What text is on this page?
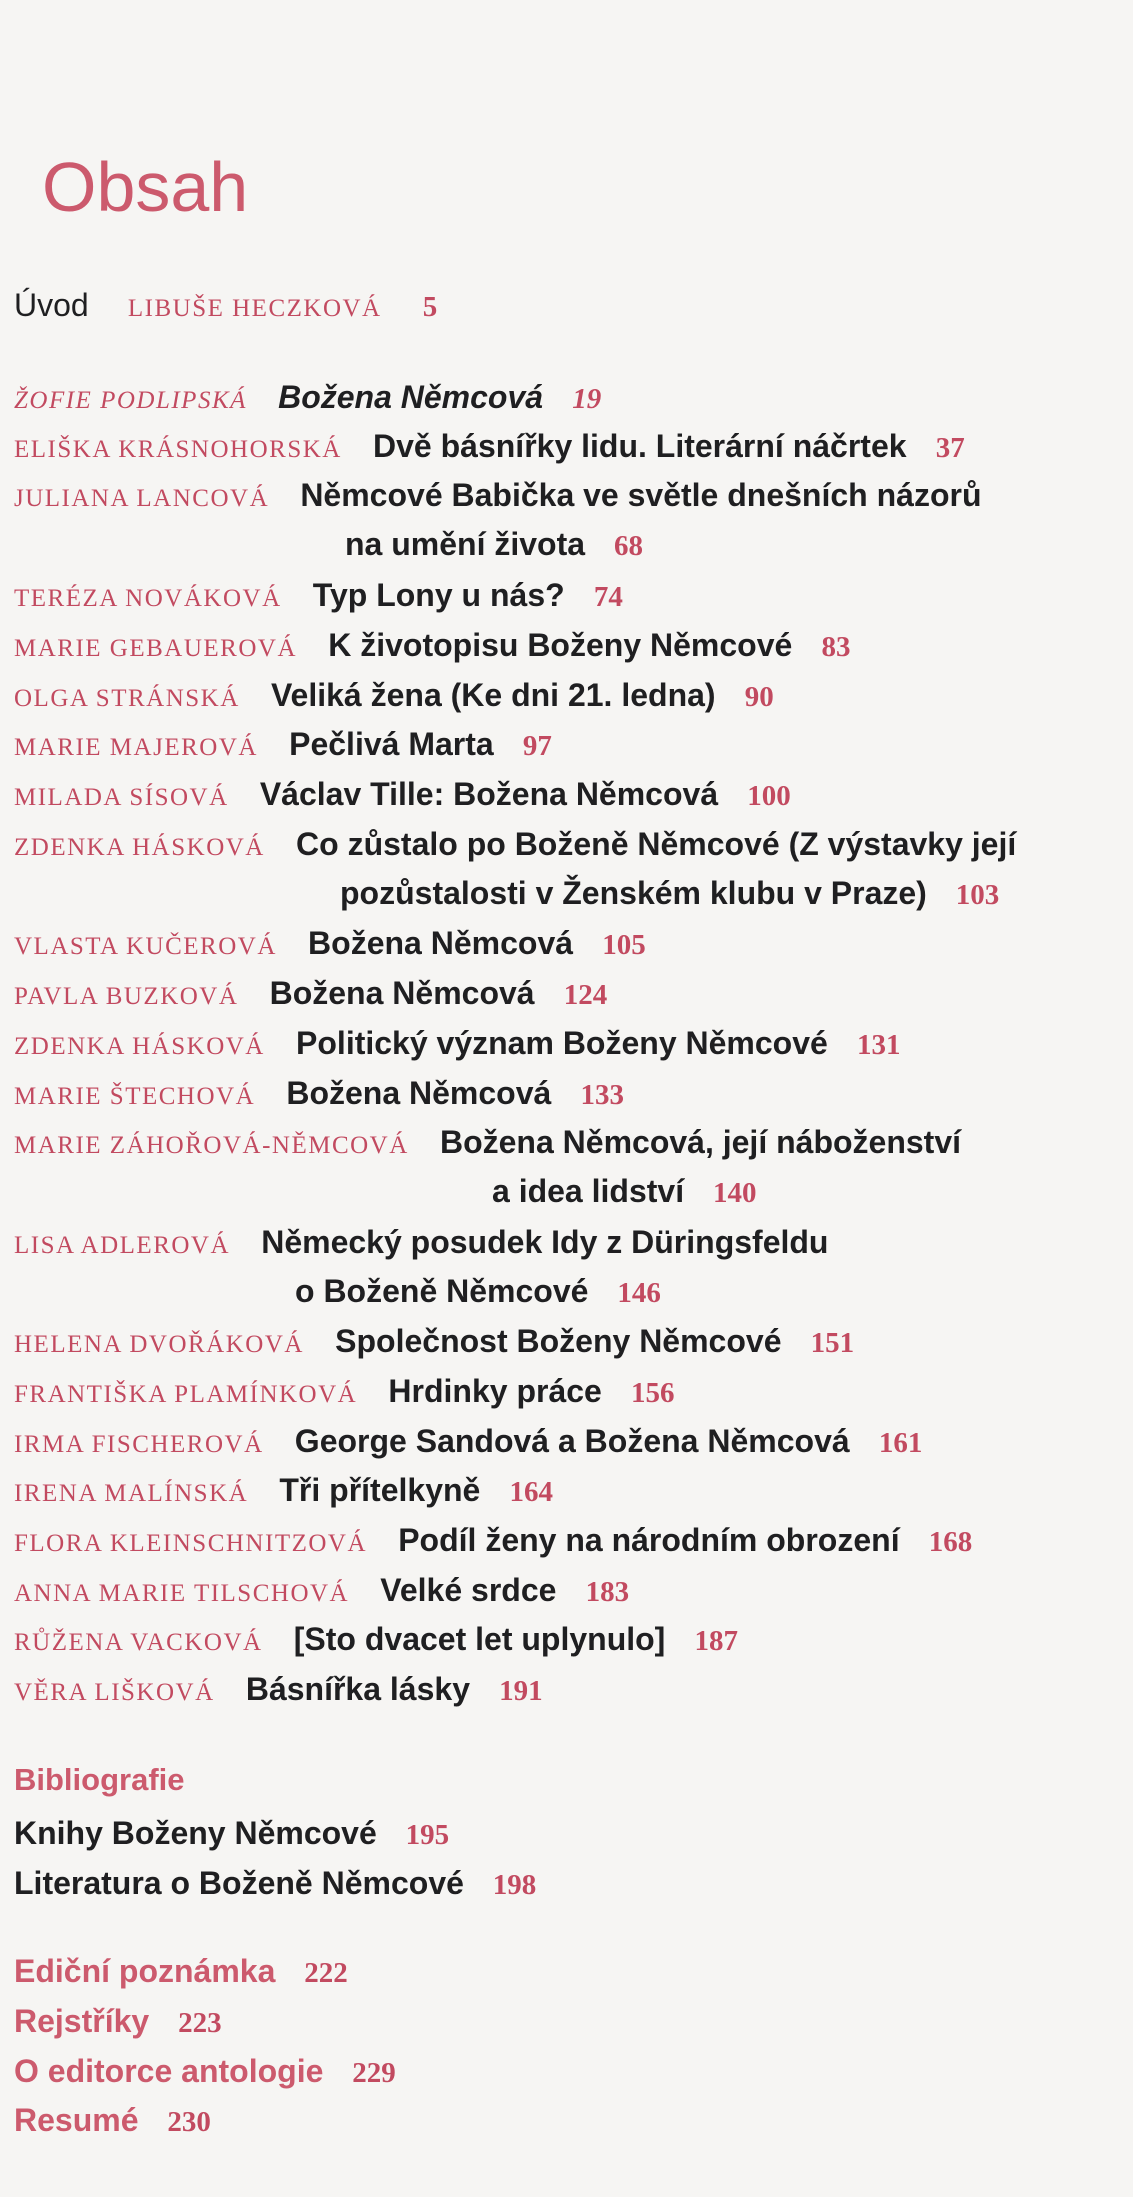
Obsah
Úvod LIBUŠE HECZKOVÁ 5
ŽOFIE PODLIPSKÁ Božena Němcová 19
ELIŠKA KRÁSNOHORSKÁ Dvě básnířky lidu. Literární náčrtek 37
JULIANA LANCOVÁ Němcové Babička ve světle dnešních názorů
na umění života 68
TERÉZA NOVÁKOVÁ Typ Lony u nás? 74
MARIE GEBAUEROVÁ K životopisu Boženy Němcové 83
OLGA STRÁNSKÁ Veliká žena (Ke dni 21. ledna) 90
MARIE MAJEROVÁ Pečlivá Marta 97
MILADA SÍSOVÁ Václav Tille: Božena Němcová 100
ZDENKA HÁSKOVÁ Co zůstalo po Boženě Němcové (Z výstavky její
pozůstalosti v Ženském klubu v Praze) 103
VLASTA KUČEROVÁ Božena Němcová 105
PAVLA BUZKOVÁ Božena Němcová 124
ZDENKA HÁSKOVÁ Politický význam Boženy Němcové 131
MARIE ŠTECHOVÁ Božena Němcová 133
MARIE ZÁHOŘOVÁ-NĚMCOVÁ Božena Němcová, její náboženství
a idea lidství 140
LISA ADLEROVÁ Německý posudek Idy z Düringsfeldu
o Boženě Němcové 146
HELENA DVOŘÁKOVÁ Společnost Boženy Němcové 151
FRANTIŠKA PLAMÍNKOVÁ Hrdinky práce 156
IRMA FISCHEROVÁ George Sandová a Božena Němcová 161
IRENA MALÍNSKÁ Tři přítelkyně 164
FLORA KLEINSCHNITZOVÁ Podíl ženy na národním obrození 168
ANNA MARIE TILSCHOVÁ Velké srdce 183
RŮŽENA VACKOVÁ [Sto dvacet let uplynulo] 187
VĚRA LIŠKOVÁ Básnířka lásky 191
Bibliografie
Knihy Boženy Němcové 195
Literatura o Boženě Němcové 198
Ediční poznámka 222
Rejstříky 223
O editorce antologie 229
Resumé 230
